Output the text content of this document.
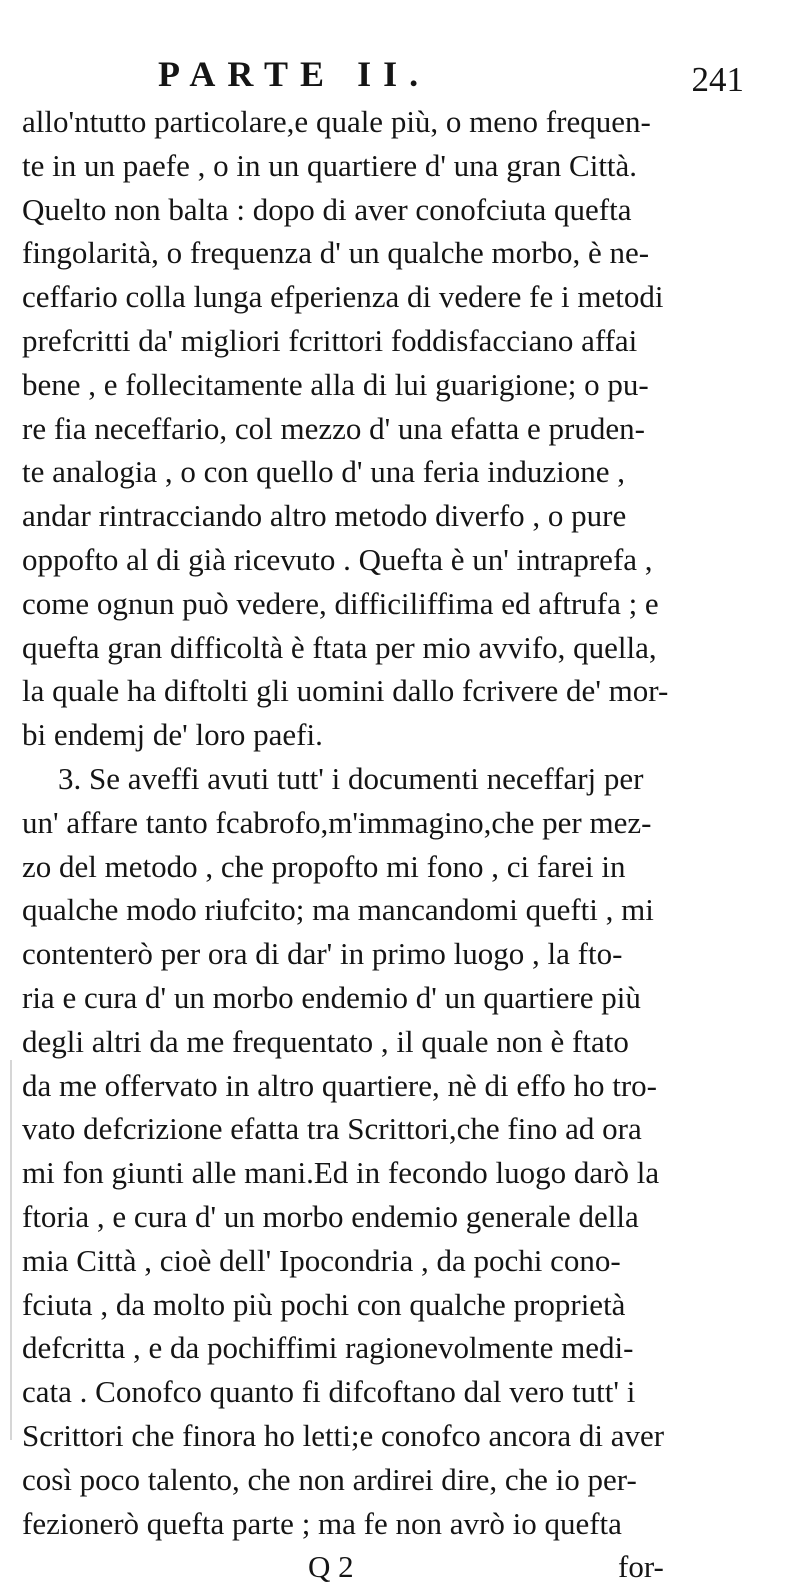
PARTE II.	241
allo'ntutto particolare,e quale più, o meno frequen-
te in un paefe , o in un quartiere d' una gran Città.
Quelto non balta : dopo di aver conofciuta quefta
fingolarità, o frequenza d' un qualche morbo, è ne-
ceffario colla lunga efperienza di vedere fe i metodi
prefcritti da' migliori fcrittori foddisfacciano affai
bene , e follecitamente alla di lui guarigione; o pu-
re fia neceffario, col mezzo d' una efatta e pruden-
te analogia , o con quello d' una feria induzione ,
andar rintracciando altro metodo diverfo , o pure
oppofto al di già ricevuto . Quefta è un' intraprefa ,
come ognun può vedere, difficiliffima ed aftrufa ; e
quefta gran difficoltà è ftata per mio avvifo, quella,
la quale ha diftolti gli uomini dallo fcrivere de' mor-
bi endemj de' loro paefi.
3. Se aveffi avuti tutt' i documenti neceffarj per
un' affare tanto fcabrofo,m'immagino,che per mez-
zo del metodo , che propofto mi fono , ci farei in
qualche modo riufcito; ma mancandomi quefti , mi
contenterò per ora di dar' in primo luogo , la fto-
ria e cura d' un morbo endemio d' un quartiere più
degli altri da me frequentato , il quale non è ftato
da me offervato in altro quartiere, nè di effo ho tro-
vato defcrizione efatta tra Scrittori,che fino ad ora
mi fon giunti alle mani.Ed in fecondo luogo darò la
ftoria , e cura d' un morbo endemio generale della
mia Città , cioè dell' Ipocondria , da pochi cono-
fciuta , da molto più pochi con qualche proprietà
defcritta , e da pochiffimi ragionevolmente medi-
cata . Conofco quanto fi difcoftano dal vero tutt' i
Scrittori che finora ho letti;e conofco ancora di aver
così poco talento, che non ardirei dire, che io per-
fezionerò quefta parte ; ma fe non avrò io quefta
Q 2	for-
